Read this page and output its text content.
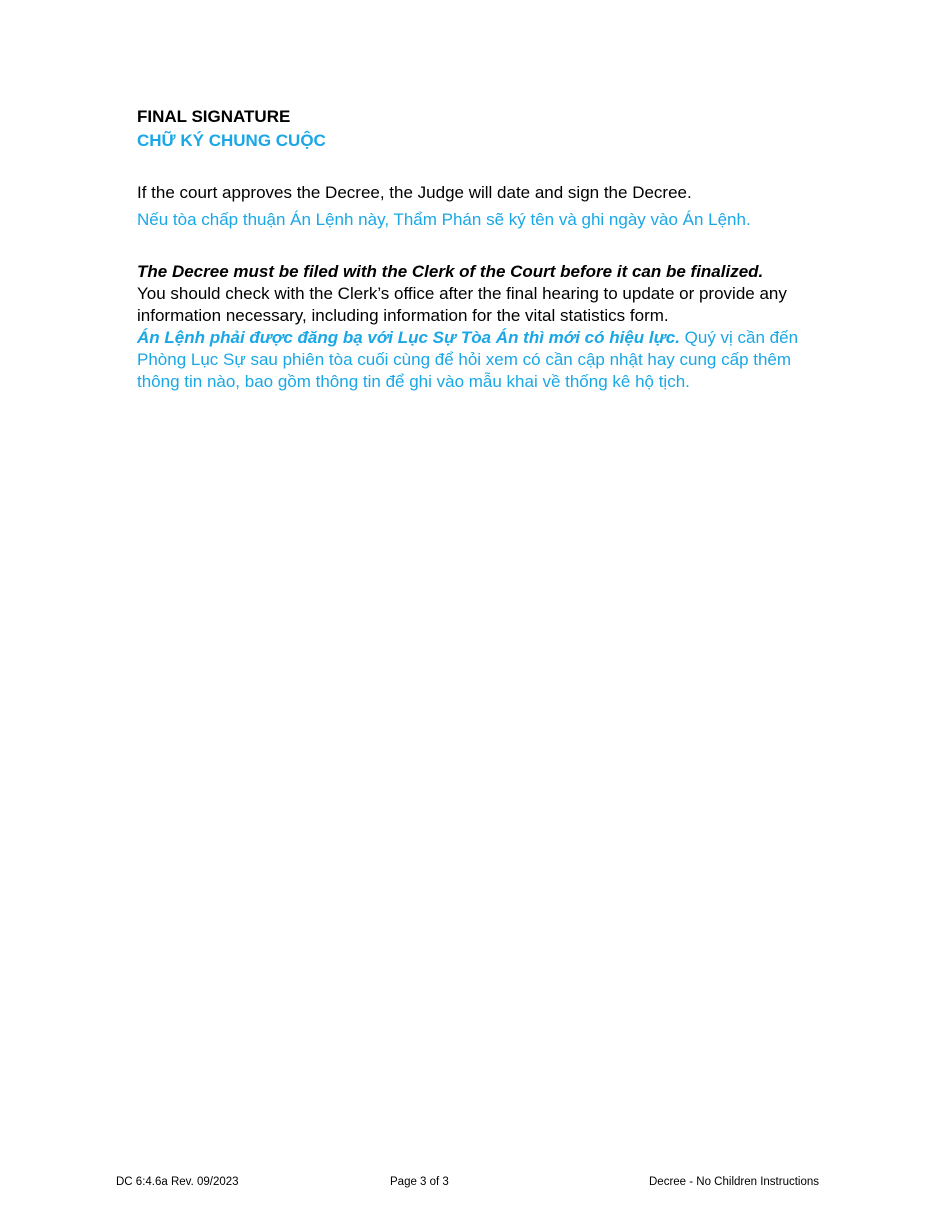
FINAL SIGNATURE

CHỮ KÝ CHUNG CUỘC

If the court approves the Decree, the Judge will date and sign the Decree.

Nếu tòa chấp thuận Án Lệnh này, Thẩm Phán sẽ ký tên và ghi ngày vào Án Lệnh.

The Decree must be filed with the Clerk of the Court before it can be finalized.
You should check with the Clerk’s office after the final hearing to update or provide any information necessary, including information for the vital statistics form.

Án Lệnh phải được đăng bạ với Lục Sự Tòa Án thì mới có hiệu lực. Quý vị cần đến Phòng Lục Sự sau phiên tòa cuối cùng để hỏi xem có cần cập nhật hay cung cấp thêm thông tin nào, bao gồm thông tin để ghi vào mẫu khai về thống kê hộ tịch.

DC 6:4.6a Rev. 09/2023	Page 3 of 3	Decree - No Children Instructions
